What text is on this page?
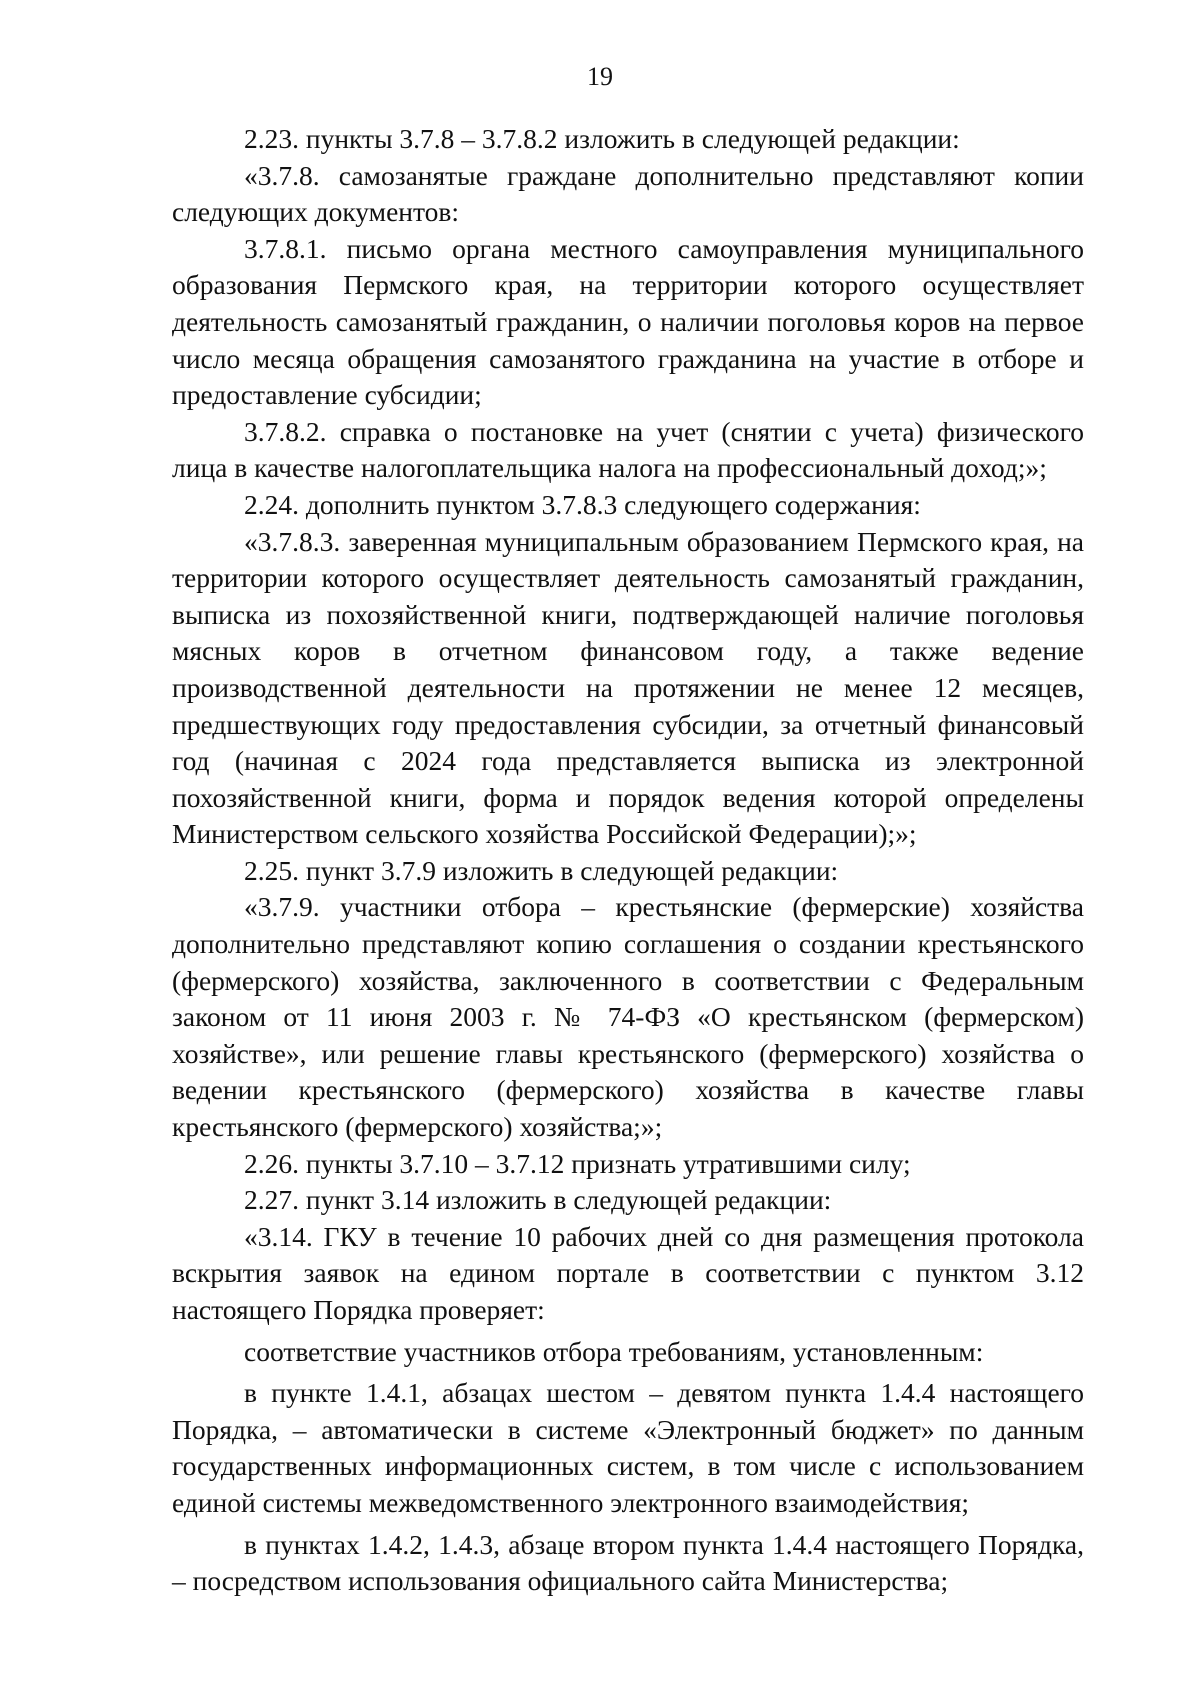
19

2.23. пункты 3.7.8 – 3.7.8.2 изложить в следующей редакции:

«3.7.8. самозанятые граждане дополнительно представляют копии следующих документов:

3.7.8.1. письмо органа местного самоуправления муниципального образования Пермского края, на территории которого осуществляет деятельность самозанятый гражданин, о наличии поголовья коров на первое число месяца обращения самозанятого гражданина на участие в отборе и предоставление субсидии;

3.7.8.2. справка о постановке на учет (снятии с учета) физического лица в качестве налогоплательщика налога на профессиональный доход;»;

2.24. дополнить пунктом 3.7.8.3 следующего содержания:

«3.7.8.3. заверенная муниципальным образованием Пермского края, на территории которого осуществляет деятельность самозанятый гражданин, выписка из похозяйственной книги, подтверждающей наличие поголовья мясных коров в отчетном финансовом году, а также ведение производственной деятельности на протяжении не менее 12 месяцев, предшествующих году предоставления субсидии, за отчетный финансовый год (начиная с 2024 года представляется выписка из электронной похозяйственной книги, форма и порядок ведения которой определены Министерством сельского хозяйства Российской Федерации);»;

2.25. пункт 3.7.9 изложить в следующей редакции:

«3.7.9. участники отбора – крестьянские (фермерские) хозяйства дополнительно представляют копию соглашения о создании крестьянского (фермерского) хозяйства, заключенного в соответствии с Федеральным законом от 11 июня 2003 г. № 74-ФЗ «О крестьянском (фермерском) хозяйстве», или решение главы крестьянского (фермерского) хозяйства о ведении крестьянского (фермерского) хозяйства в качестве главы крестьянского (фермерского) хозяйства;»;

2.26. пункты 3.7.10 – 3.7.12 признать утратившими силу;

2.27. пункт 3.14 изложить в следующей редакции:

«3.14. ГКУ в течение 10 рабочих дней со дня размещения протокола вскрытия заявок на едином портале в соответствии с пунктом 3.12 настоящего Порядка проверяет:

соответствие участников отбора требованиям, установленным:

в пункте 1.4.1, абзацах шестом – девятом пункта 1.4.4 настоящего Порядка, – автоматически в системе «Электронный бюджет» по данным государственных информационных систем, в том числе с использованием единой системы межведомственного электронного взаимодействия;

в пунктах 1.4.2, 1.4.3, абзаце втором пункта 1.4.4 настоящего Порядка, – посредством использования официального сайта Министерства;
